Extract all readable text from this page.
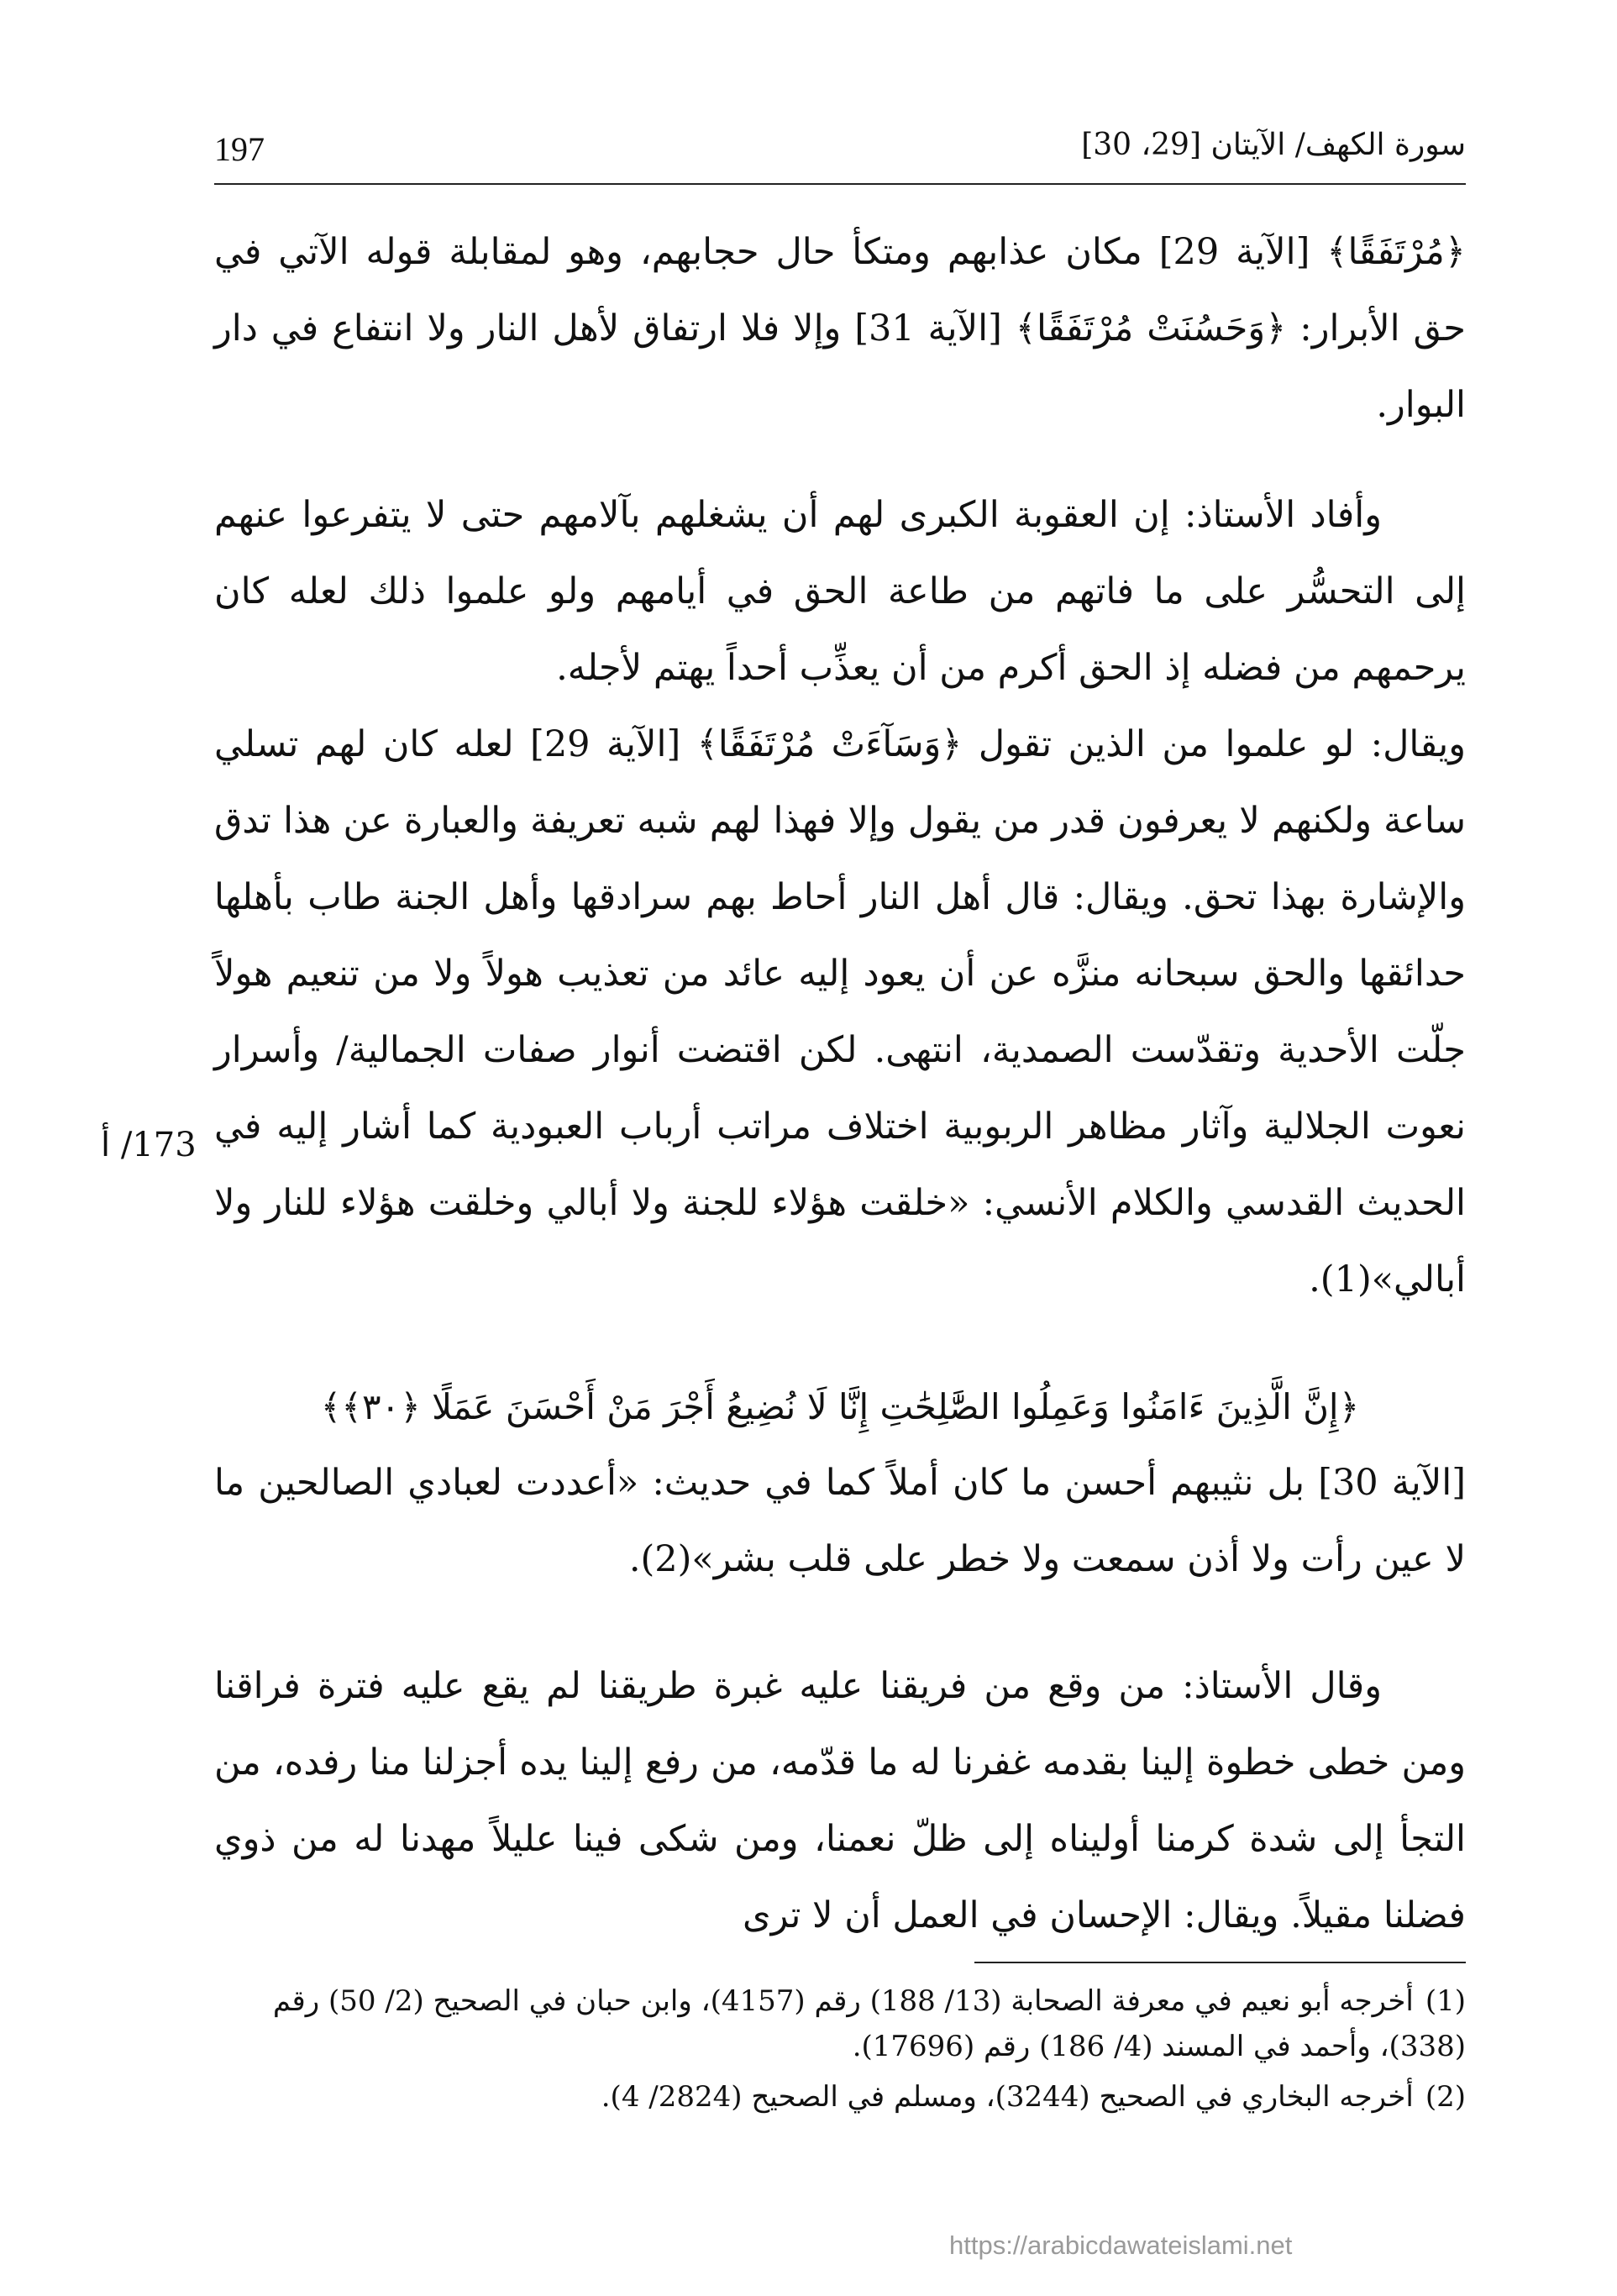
197	سورة الكهف/ الآيتان [29، 30]

﴿مُرْتَفَقًا﴾ [الآية 29] مكان عذابهم ومتكأ حال حجابهم، وهو لمقابلة قوله الآتي في حق الأبرار: ﴿وَحَسُنَتْ مُرْتَفَقًا﴾ [الآية 31] وإلا فلا ارتفاق لأهل النار ولا انتفاع في دار البوار.

وأفاد الأستاذ: إن العقوبة الكبرى لهم أن يشغلهم بآلامهم حتى لا يتفرعوا عنهم إلى التحسُّر على ما فاتهم من طاعة الحق في أيامهم ولو علموا ذلك لعله كان يرحمهم من فضله إذ الحق أكرم من أن يعذِّب أحداً يهتم لأجله.

ويقال: لو علموا من الذين تقول ﴿وَسَآءَتْ مُرْتَفَقًا﴾ [الآية 29] لعله كان لهم تسلي ساعة ولكنهم لا يعرفون قدر من يقول وإلا فهذا لهم شبه تعريفة والعبارة عن هذا تدق والإشارة بهذا تحق. ويقال: قال أهل النار أحاط بهم سرادقها وأهل الجنة طاب بأهلها حدائقها والحق سبحانه منزَّه عن أن يعود إليه عائد من تعذيب هولاً ولا من تنعيم هولاً جلّت الأحدية وتقدّست الصمدية، انتهى. لكن اقتضت أنوار صفات الجمالية/ وأسرار نعوت الجلالية وآثار مظاهر الربوبية اختلاف مراتب أرباب العبودية كما أشار إليه في الحديث القدسي والكلام الأنسي: «خلقت هؤلاء للجنة ولا أبالي وخلقت هؤلاء للنار ولا أبالي»(1).

﴿إِنَّ الَّذِينَ ءَامَنُوا وَعَمِلُوا الصَّٰلِحَٰتِ إِنَّا لَا نُضِيعُ أَجْرَ مَنْ أَحْسَنَ عَمَلًا ﴿٣٠﴾﴾

[الآية 30] بل نثيبهم أحسن ما كان أملاً كما في حديث: «أعددت لعبادي الصالحين ما لا عين رأت ولا أذن سمعت ولا خطر على قلب بشر»(2).

وقال الأستاذ: من وقع من فريقنا عليه غبرة طريقنا لم يقع عليه فترة فراقنا ومن خطى خطوة إلينا بقدمه غفرنا له ما قدّمه، من رفع إلينا يده أجزلنا منا رفده، من التجأ إلى شدة كرمنا أوليناه إلى ظلّ نعمنا، ومن شكى فينا عليلاً مهدنا له من ذوي فضلنا مقيلاً. ويقال: الإحسان في العمل أن لا ترى

173/ أ

(1)أخرجه أبو نعيم في معرفة الصحابة (13/ 188) رقم (4157)، وابن حبان في الصحيح (2/ 50) رقم (338)، وأحمد في المسند (4/ 186) رقم (17696).

(2)أخرجه البخاري في الصحيح (3244)، ومسلم في الصحيح (2824/ 4).

https://arabicdawateislami.net
